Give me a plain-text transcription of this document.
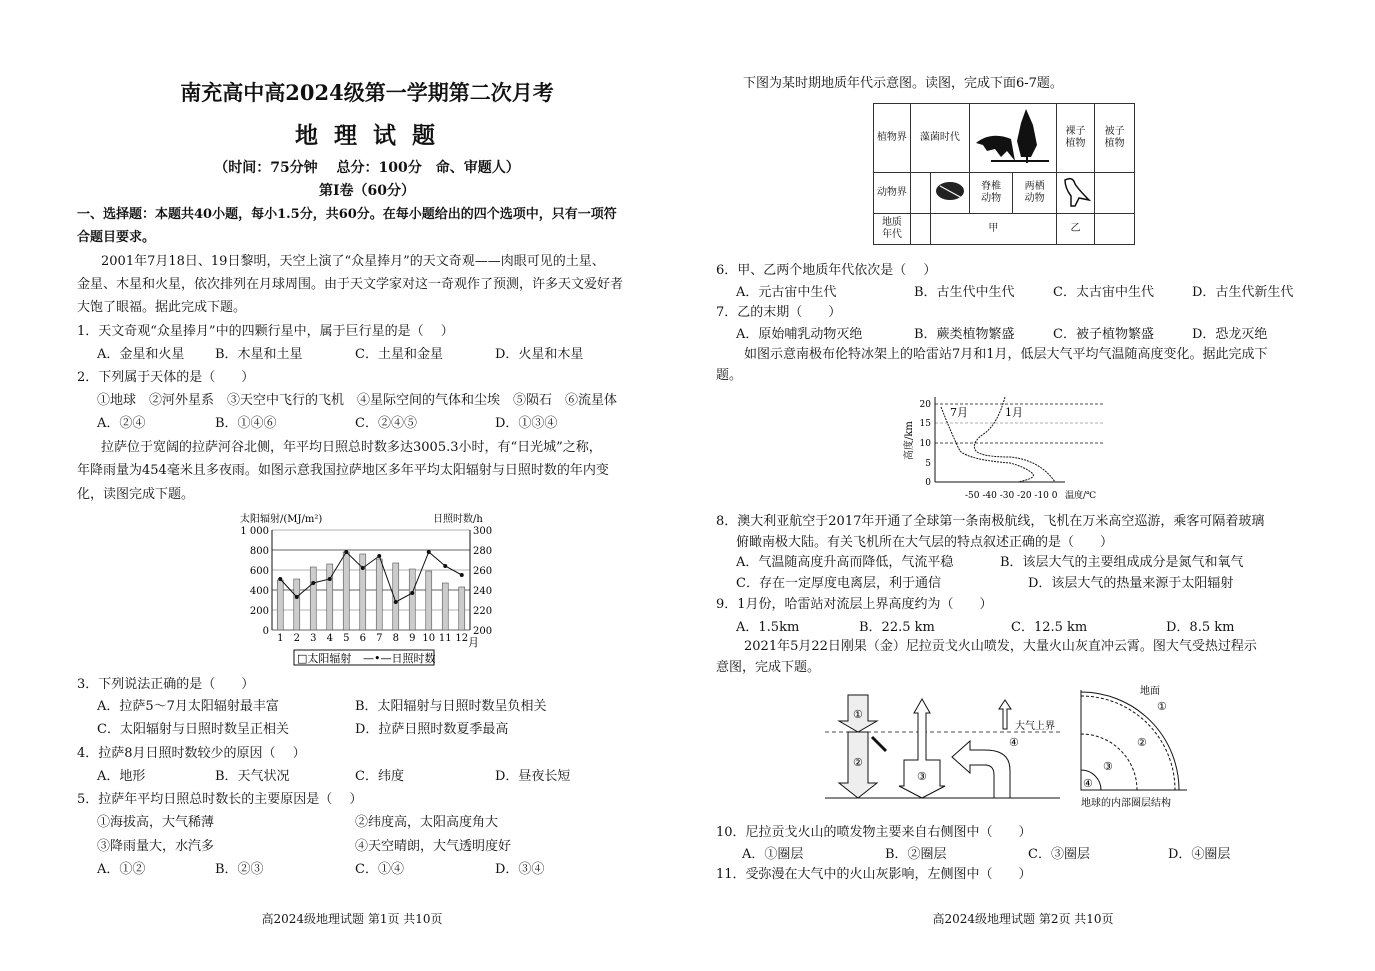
南充高中高2024级第一学期第二次月考
地 理 试 题
（时间：75分钟　 总分：100分　命、审题人）
第Ⅰ卷（60分）
一、选择题：本题共40小题，每小1.5分，共60分。在每小题给出的四个选项中，只有一项符
合题目要求。
2001年7月18日、19日黎明，天空上演了“众星捧月”的天文奇观——肉眼可见的土星、
金星、木星和火星，依次排列在月球周围。由于天文学家对这一奇观作了预测，许多天文爱好者
大饱了眼福。据此完成下题。
1．天文奇观“众星捧月”中的四颗行星中，属于巨行星的是（　 ）
A．金星和火星 B．木星和土星	C．土星和金星	D．火星和木星
2．下列属于天体的是（　　）
①地球　②河外星系　③天空中飞行的飞机　④星际空间的气体和尘埃　⑤陨石　⑥流星体
A．②④	B．①④⑥	C．②④⑤	D．①③④
拉萨位于宽阔的拉萨河谷北侧，年平均日照总时数多达3005.3小时，有“日光城”之称，
年降雨量为454毫米且多夜雨。如图示意我国拉萨地区多年平均太阳辐射与日照时数的年内变
化，读图完成下题。
0	200
200	220
400	240
600	260
800	280
1 000	300
太阳辐射/(MJ/m²)	日照时数/h
1 2 3 4 5 6 7 8 9 10 11 12 月
□太阳辐射 —•—日照时数
3．下列说法正确的是（　　）
A．拉萨5～7月太阳辐射最丰富	B．太阳辐射与日照时数呈负相关
C．太阳辐射与日照时数呈正相关	D．拉萨日照时数夏季最高
4．拉萨8月日照时数较少的原因（　 ）
A．地形	B．天气状况	C．纬度	D．昼夜长短
5．拉萨年平均日照总时数长的主要原因是（　 ）
①海拔高，大气稀薄	②纬度高，太阳高度角大
③降雨量大，水汽多	④天空晴朗，大气透明度好
A．①②	B．②③	C．①④	D．③④
高2024级地理试题 第1页 共10页
下图为某时期地质年代示意图。读图，完成下面6-7题。
植物界	藻菌时代				裸子植物	被子植物
动物界			脊椎动物	两栖动物		
地质年代		甲			乙	
6．甲、乙两个地质年代依次是（　 ）
A．元古宙中生代	B．古生代中生代	C．太古宙中生代	D．古生代新生代
7．乙的末期（　　）
A．原始哺乳动物灭绝	B．蕨类植物繁盛	C．被子植物繁盛	D．恐龙灭绝
如图示意南极布伦特冰架上的哈雷站7月和1月，低层大气平均气温随高度变化。据此完成下
题。
7月	1月
0
5
10
15
20
高度/km
-50 -40 -30 -20 -10 0 温度/℃
8．澳大利亚航空于2017年开通了全球第一条南极航线，飞机在万米高空巡游，乘客可隔着玻璃
俯瞰南极大陆。有关飞机所在大气层的特点叙述正确的是（　　）
A．气温随高度升高而降低，气流平稳	B．该层大气的主要组成成分是氮气和氧气
C．存在一定厚度电离层，利于通信	D．该层大气的热量来源于太阳辐射
9．1月份，哈雷站对流层上界高度约为（　　）
A．1.5km	B．22.5 km	C．12.5 km	D．8.5 km
2021年5月22日刚果（金）尼拉贡戈火山喷发，大量火山灰直冲云霄。图大气受热过程示
意图，完成下题。
①
②
③
④
大气上界
地面
①
②
③
④
地球的内部圈层结构
10．尼拉贡戈火山的喷发物主要来自右侧图中（　　）
A．①圈层	B．②圈层	C．③圈层	D．④圈层
11．受弥漫在大气中的火山灰影响，左侧图中（　　）
高2024级地理试题 第2页 共10页
